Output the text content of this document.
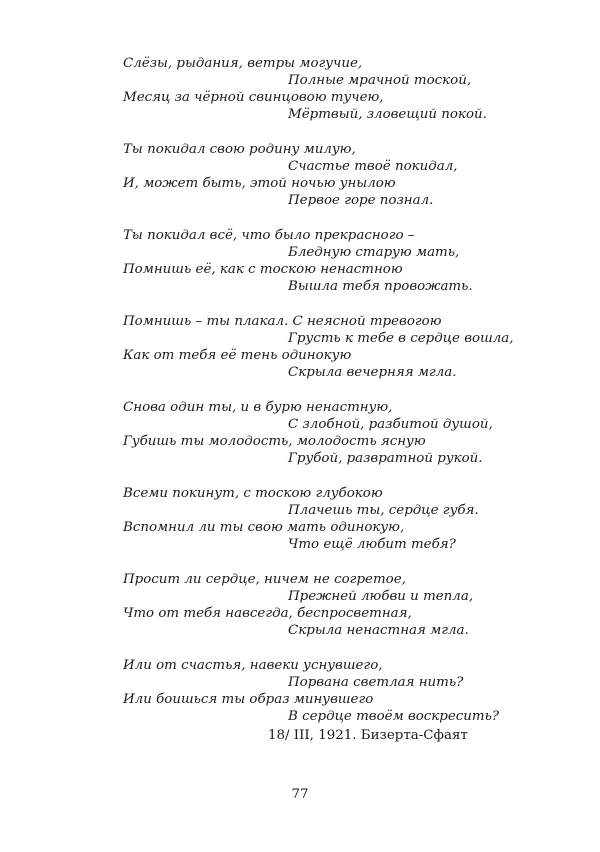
Слёзы, рыдания, ветры могучие,
Полные мрачной тоской,
Месяц за чёрной свинцовою тучею,
Мёртвый, зловещий покой.
Ты покидал свою родину милую,
Счастье твоё покидал,
И, может быть, этой ночью унылою
Первое горе познал.
Ты покидал всё, что было прекрасного –
Бледную старую мать,
Помнишь её, как с тоскою ненастною
Вышла тебя провожать.
Помнишь – ты плакал. С неясной тревогою
Грусть к тебе в сердце вошла,
Как от тебя её тень одинокую
Скрыла вечерняя мгла.
Снова один ты, и в бурю ненастную,
С злобной, разбитой душой,
Губишь ты молодость, молодость ясную
Грубой, развратной рукой.
Всеми покинут, с тоскою глубокою
Плачешь ты, сердце губя.
Вспомнил ли ты свою мать одинокую,
Что ещё любит тебя?
Просит ли сердце, ничем не согретое,
Прежней любви и тепла,
Что от тебя навсегда, беспросветная,
Скрыла ненастная мгла.
Или от счастья, навеки уснувшего,
Порвана светлая нить?
Или боишься ты образ минувшего
В сердце твоём воскресить?
18/ III, 1921. Бизерта-Сфаят
77
